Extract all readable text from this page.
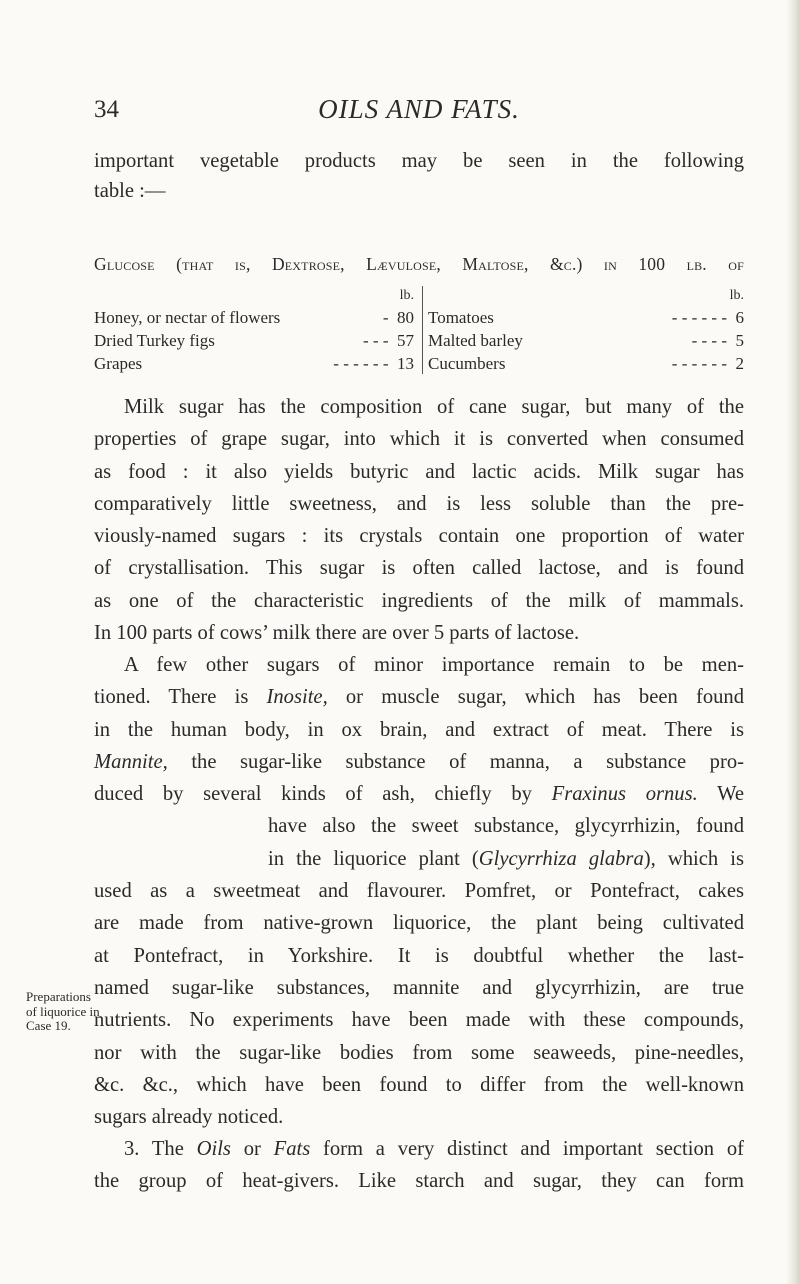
34	OILS AND FATS.
important vegetable products may be seen in the following
table :—
Glucose (that is, Dextrose, Lævulose, Maltose, &c.) in 100 lb. of
lb.
Honey, or nectar of flowers	- 80
Dried Turkey figs	- - - 57
Grapes	- - - - - - 13
lb.
Tomatoes	- - - - - - 6
Malted barley	- - - - 5
Cucumbers	- - - - - - 2
Milk sugar has the composition of cane sugar, but many of the
properties of grape sugar, into which it is converted when consumed
as food : it also yields butyric and lactic acids. Milk sugar has
comparatively little sweetness, and is less soluble than the pre-
viously-named sugars : its crystals contain one proportion of water
of crystallisation. This sugar is often called lactose, and is found
as one of the characteristic ingredients of the milk of mammals.
In 100 parts of cows’ milk there are over 5 parts of lactose.
A few other sugars of minor importance remain to be men-
tioned. There is Inosite, or muscle sugar, which has been found
in the human body, in ox brain, and extract of meat. There is
Mannite, the sugar-like substance of manna, a substance pro-
duced by several kinds of ash, chiefly by Fraxinus ornus. We
have also the sweet substance, glycyrrhizin, found
in the liquorice plant (Glycyrrhiza glabra), which is
used as a sweetmeat and flavourer. Pomfret, or Pontefract, cakes
are made from native-grown liquorice, the plant being cultivated
at Pontefract, in Yorkshire. It is doubtful whether the last-
named sugar-like substances, mannite and glycyrrhizin, are true
nutrients. No experiments have been made with these compounds,
nor with the sugar-like bodies from some seaweeds, pine-needles,
&c. &c., which have been found to differ from the well-known
sugars already noticed.
Preparations
of liquorice in
Case 19.
3. The Oils or Fats form a very distinct and important section of
the group of heat-givers. Like starch and sugar, they can form
